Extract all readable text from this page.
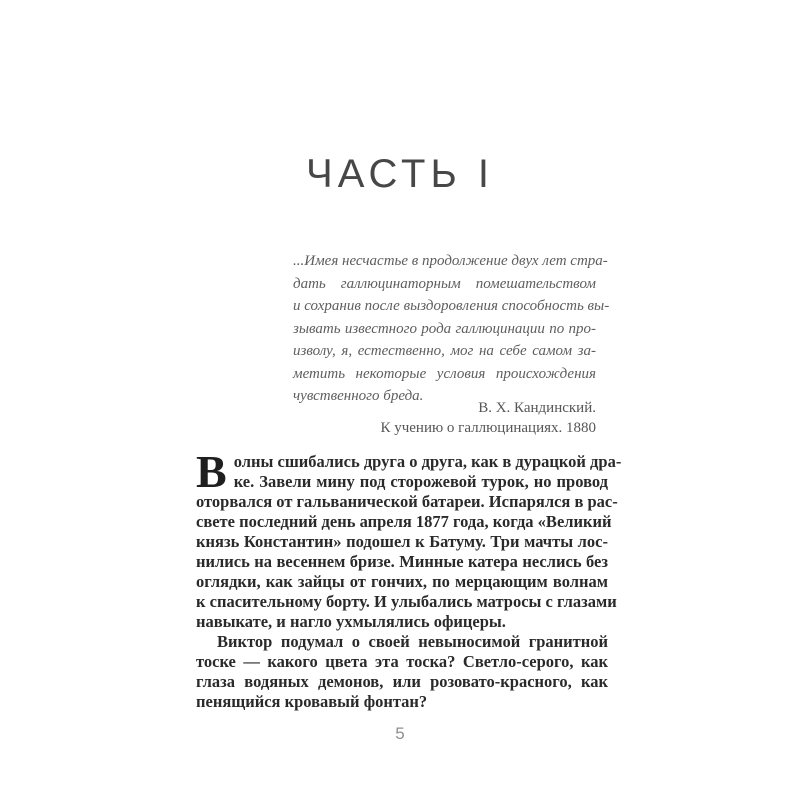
ЧАСТЬ I
...Имея несчастье в продолжение двух лет стра-
дать галлюцинаторным помешательством
и сохранив после выздоровления способность вы-
зывать известного рода галлюцинации по про-
изволу, я, естественно, мог на себе самом за-
метить некоторые условия происхождения
чувственного бреда.
В. Х. Кандинский.
К учению о галлюцинациях. 1880
В олны сшибались друга о друга, как в дурацкой дра-
ке. Завели мину под сторожевой турок, но провод
оторвался от гальванической батареи. Испарялся в рас-
свете последний день апреля 1877 года, когда «Великий
князь Константин» подошел к Батуму. Три мачты лос-
нились на весеннем бризе. Минные катера неслись без
оглядки, как зайцы от гончих, по мерцающим волнам
к спасительному борту. И улыбались матросы с глазами
навыкате, и нагло ухмылялись офицеры.
Виктор подумал о своей невыносимой гранитной
тоске — какого цвета эта тоска? Светло-серого, как
глаза водяных демонов, или розовато-красного, как
пенящийся кровавый фонтан?
5
